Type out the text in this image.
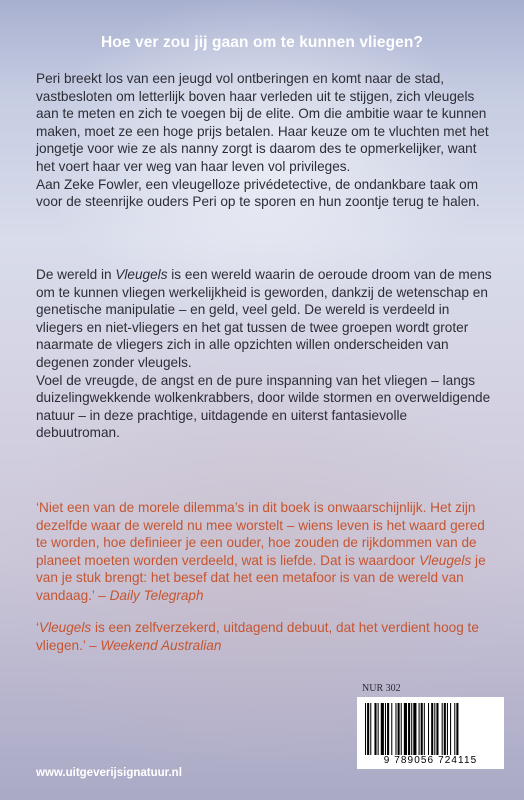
Hoe ver zou jij gaan om te kunnen vliegen?

Peri breekt los van een jeugd vol ontberingen en komt naar de stad, vastbesloten om letterlijk boven haar verleden uit te stijgen, zich vleugels aan te meten en zich te voegen bij de elite. Om die ambitie waar te kunnen maken, moet ze een hoge prijs betalen. Haar keuze om te vluchten met het jongetje voor wie ze als nanny zorgt is daarom des te opmerkelijker, want het voert haar ver weg van haar leven vol privileges.

Aan Zeke Fowler, een vleugelloze privédetective, de ondankbare taak om voor de steenrijke ouders Peri op te sporen en hun zoontje terug te halen.

De wereld in Vleugels is een wereld waarin de oeroude droom van de mens om te kunnen vliegen werkelijkheid is geworden, dankzij de wetenschap en genetische manipulatie – en geld, veel geld. De wereld is verdeeld in vliegers en niet-vliegers en het gat tussen de twee groepen wordt groter naarmate de vliegers zich in alle opzichten willen onderscheiden van degenen zonder vleugels.

Voel de vreugde, de angst en de pure inspanning van het vliegen – langs duizelingwekkende wolkenkrabbers, door wilde stormen en overweldigende natuur – in deze prachtige, uitdagende en uiterst fantasievolle debuutroman.

‘Niet een van de morele dilemma’s in dit boek is onwaarschijnlijk. Het zijn dezelfde waar de wereld nu mee worstelt – wiens leven is het waard gered te worden, hoe definieer je een ouder, hoe zouden de rijkdommen van de planeet moeten worden verdeeld, wat is liefde. Dat is waardoor Vleugels je van je stuk brengt: het besef dat het een metafoor is van de wereld van vandaag.’ – Daily Telegraph
‘Vleugels is een zelfverzekerd, uitdagend debuut, dat het verdient hoog te vliegen.’ – Weekend Australian
NUR 302
9 789056 724115
www.uitgeverijsignatuur.nl
